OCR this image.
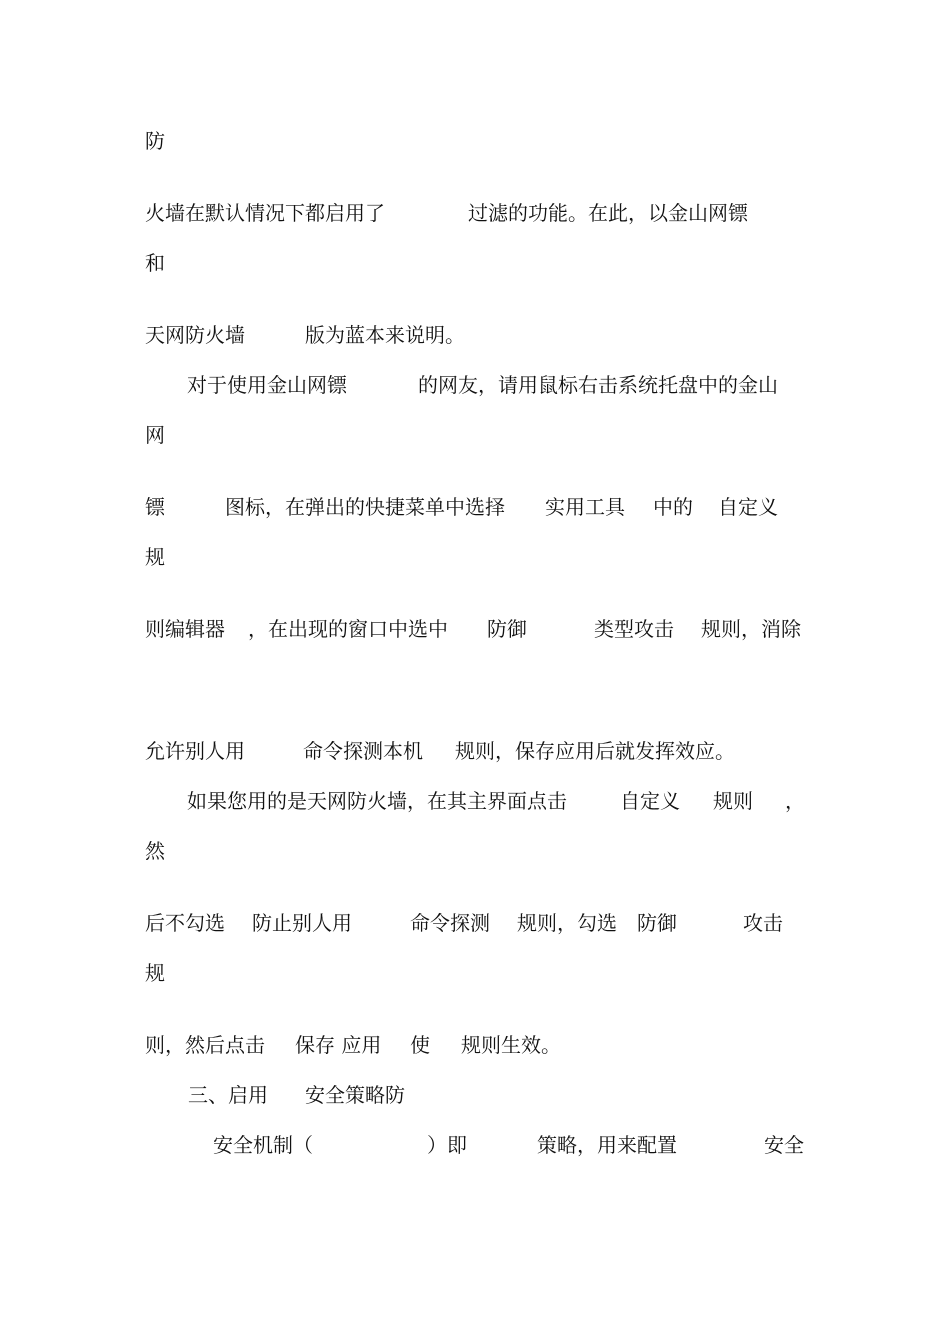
防
火墙在默认情况下都启用了	过滤的功能。在此，以金山网镖
和
天网防火墙	版为蓝本来说明。
对于使用金山网镖	的网友，请用鼠标右击系统托盘中的金山
网
镖	图标，在弹出的快捷菜单中选择 实用工具 中的 自定义
规
则编辑器 ，在出现的窗口中选中 防御	类型攻击 规则，消除
允许别人用	命令探测本机 规则，保存应用后就发挥效应。
如果您用的是天网防火墙，在其主界面点击	自定义 规则 ，
然
后不勾选 防止别人用	命令探测 规则，勾选 防御	攻击
规
则，然后点击 保存 应用 使 规则生效。
三、启用 安全策略防
安全机制（	）即	策略，用来配置	安全
